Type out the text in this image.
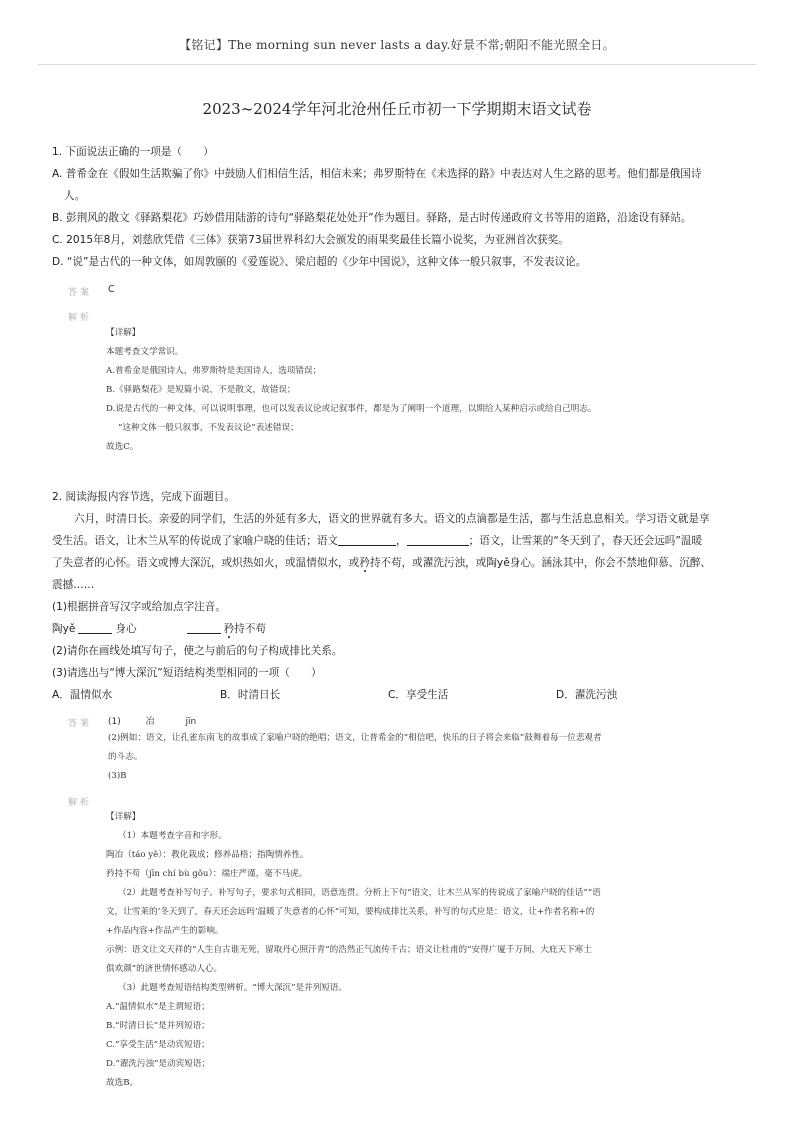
【铭记】The morning sun never lasts a day.好景不常;朝阳不能光照全日。
2023~2024学年河北沧州任丘市初一下学期期末语文试卷
1. 下面说法正确的一项是（　　）
A. 普希金在《假如生活欺骗了你》中鼓励人们相信生活，相信未来；弗罗斯特在《未选择的路》中表达对人生之路的思考。他们都是俄国诗
人。
B. 彭荆风的散文《驿路梨花》巧妙借用陆游的诗句“驿路梨花处处开”作为题目。驿路，是古时传递政府文书等用的道路，沿途设有驿站。
C. 2015年8月，刘慈欣凭借《三体》获第73届世界科幻大会颁发的雨果奖最佳长篇小说奖，为亚洲首次获奖。
D. “说”是古代的一种文体，如周敦颐的《爱莲说》、梁启超的《少年中国说》，这种文体一般只叙事，不发表议论。
答案 C
解析
【详解】
本题考查文学常识。
A.普希金是俄国诗人，弗罗斯特是美国诗人，选项错误；
B.《驿路梨花》是短篇小说，不是散文，故错误；
D.说是古代的一种文体，可以说明事理，也可以发表议论或记叙事件，都是为了阐明一个道理，以期给人某种启示或给自己明志。
“这种文体一般只叙事，不发表议论”表述错误；
故选C。
2. 阅读海报内容节选，完成下面题目。
六月，时清日长。亲爱的同学们，生活的外延有多大，语文的世界就有多大。语文的点滴都是生活，都与生活息息相关。学习语文就是享
受生活。语文，让木兰从军的传说成了家喻户晓的佳话；语文	，	；语文，让雪莱的“冬天到了，春天还会远吗”温暖
了失意者的心怀。语文或博大深沉，或炽热如火，或温情似水，或矜持不苟，或濯洗污浊，或陶yě身心。涵泳其中，你会不禁地仰慕、沉醉、
震撼……
(1)根据拼音写汉字或给加点字注音。
陶yě	身心	矜持不苟
(2)请你在画线处填写句子，使之与前后的句子构成排比关系。
(3)请选出与“博大深沉”短语结构类型相同的一项（　　）
A．温情似水	B．时清日长	C．享受生活	D．濯洗污浊
答案 (1)	冶	jīn
(2)例如：语文，让孔雀东南飞的故事成了家喻户晓的绝唱；语文，让普希金的“相信吧，快乐的日子将会来临”鼓舞着每一位悲观者
的斗志。
(3)B
解析
【详解】
（1）本题考查字音和字形。
陶冶（táo yě）：教化栽成；修养品格；指陶情养性。
矜持不苟（jīn chí bù gǒu）：端庄严谨，毫不马虎。
（2）此题考查补写句子。补写句子，要求句式相同，语意连贯。分析上下句“语文，让木兰从军的传说成了家喻户晓的佳话”“语
文，让雪莱的‘冬天到了，春天还会远吗’温暖了失意者的心怀”可知，要构成排比关系，补写的句式应是：语文，让+作者名称+的
+作品内容+作品产生的影响。
示例：语文让文天祥的“人生自古谁无死，留取丹心照汗青”的浩然正气流传千古；语文让杜甫的“安得广厦千万间，大庇天下寒士
俱欢颜”的济世情怀感动人心。
（3）此题考查短语结构类型辨析。“博大深沉”是并列短语。
A.“温情似水”是主谓短语；
B.“时清日长”是并列短语；
C.“享受生活”是动宾短语；
D.“濯洗污浊”是动宾短语；
故选B。
